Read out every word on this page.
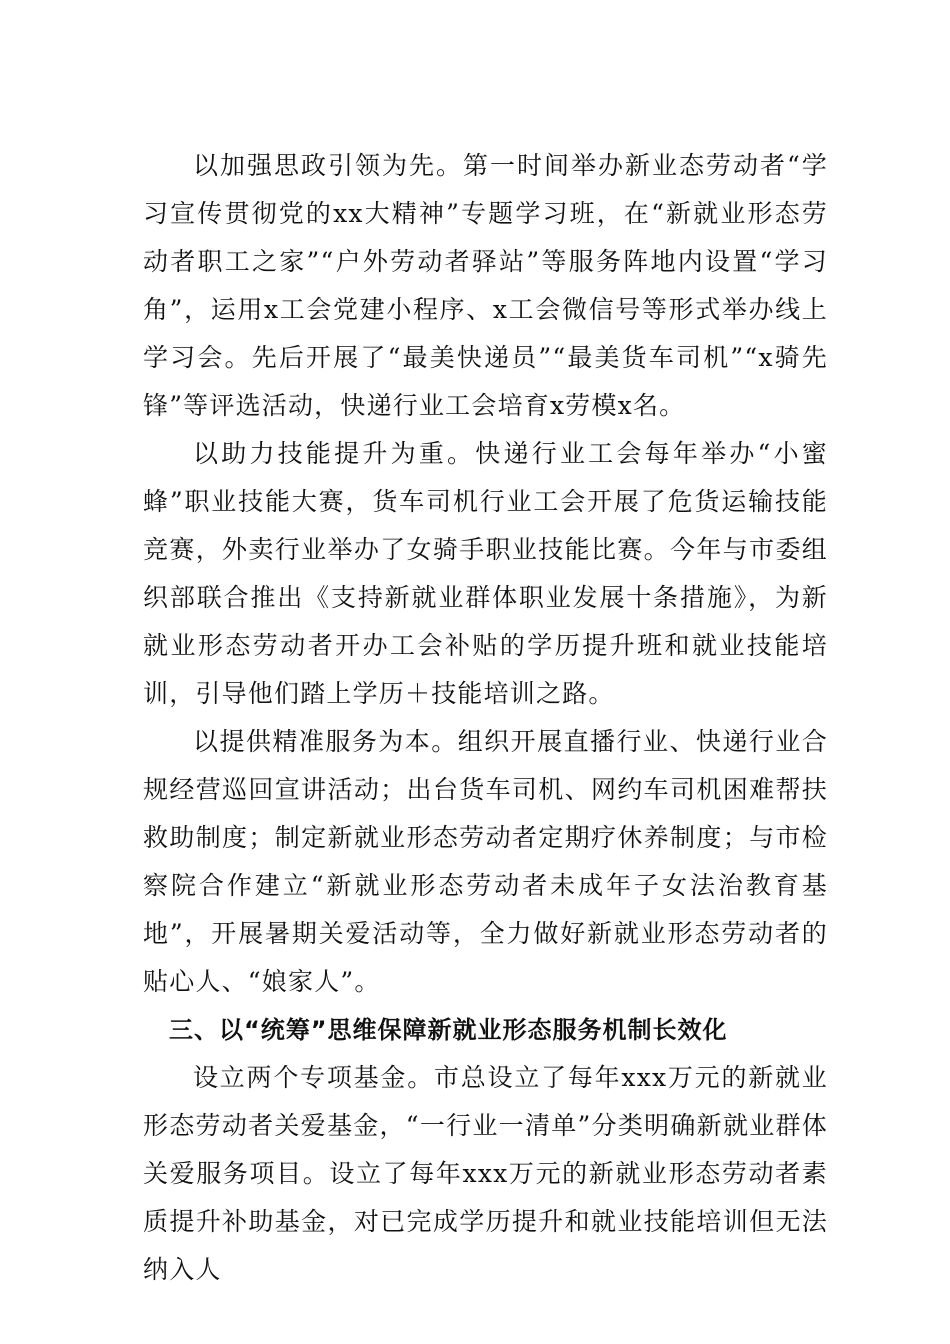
以加强思政引领为先。第一时间举办新业态劳动者“学习宣传贯彻党的xx大精神”专题学习班，在“新就业形态劳动者职工之家”“户外劳动者驿站”等服务阵地内设置“学习角”，运用x工会党建小程序、x工会微信号等形式举办线上学习会。先后开展了“最美快递员”“最美货车司机”“x骑先锋”等评选活动，快递行业工会培育x劳模x名。

以助力技能提升为重。快递行业工会每年举办“小蜜蜂”职业技能大赛，货车司机行业工会开展了危货运输技能竞赛，外卖行业举办了女骑手职业技能比赛。今年与市委组织部联合推出《支持新就业群体职业发展十条措施》，为新就业形态劳动者开办工会补贴的学历提升班和就业技能培训，引导他们踏上学历＋技能培训之路。

以提供精准服务为本。组织开展直播行业、快递行业合规经营巡回宣讲活动；出台货车司机、网约车司机困难帮扶救助制度；制定新就业形态劳动者定期疗休养制度；与市检察院合作建立“新就业形态劳动者未成年子女法治教育基地”，开展暑期关爱活动等，全力做好新就业形态劳动者的贴心人、“娘家人”。

三、以“统筹”思维保障新就业形态服务机制长效化

设立两个专项基金。市总设立了每年xxx万元的新就业形态劳动者关爱基金，“一行业一清单”分类明确新就业群体关爱服务项目。设立了每年xxx万元的新就业形态劳动者素质提升补助基金，对已完成学历提升和就业技能培训但无法纳入人
